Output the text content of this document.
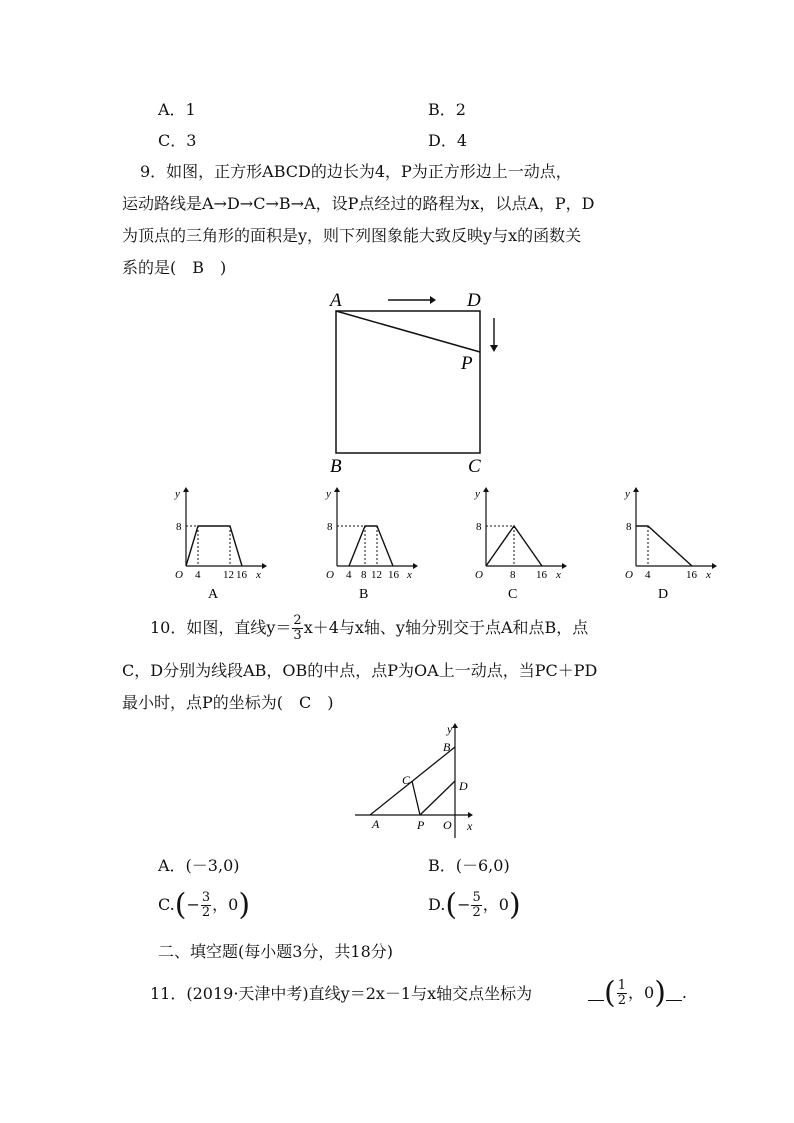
A．1	B．2
C．3	D．4
9．如图，正方形ABCD的边长为4，P为正方形边上一动点，
运动路线是A→D→C→B→A，设P点经过的路程为x，以点A，P，D
为顶点的三角形的面积是y，则下列图象能大致反映y与x的函数关
系的是(　B　)
A	D
P
B	C
y
8
O 4 12 16 x
A
y
8
O 4 8 12 16 x
B
y
8
O 8 16 x
C
y
8
O 4	16 x
D
10．如图，直线$y= \frac{2}{3} x+4$与x轴、y轴分别交于点A和点B，点
C，D分别为线段AB，OB的中点，点P为OA上一动点，当PC＋PD
最小时，点P的坐标为(　C　)
y
B
C	D
A	P O x
A．(－3,0)	B．(－6,0)
$C.(- \frac{3}{2}$ ，0)	$D.(- \frac{5}{2}$ ，0)
二、填空题(每小题3分，共18分)
11．(2019·天津中考)直线y＝2x－1与x轴交点坐标为	( $\frac{1}{2}$ ，0) .
